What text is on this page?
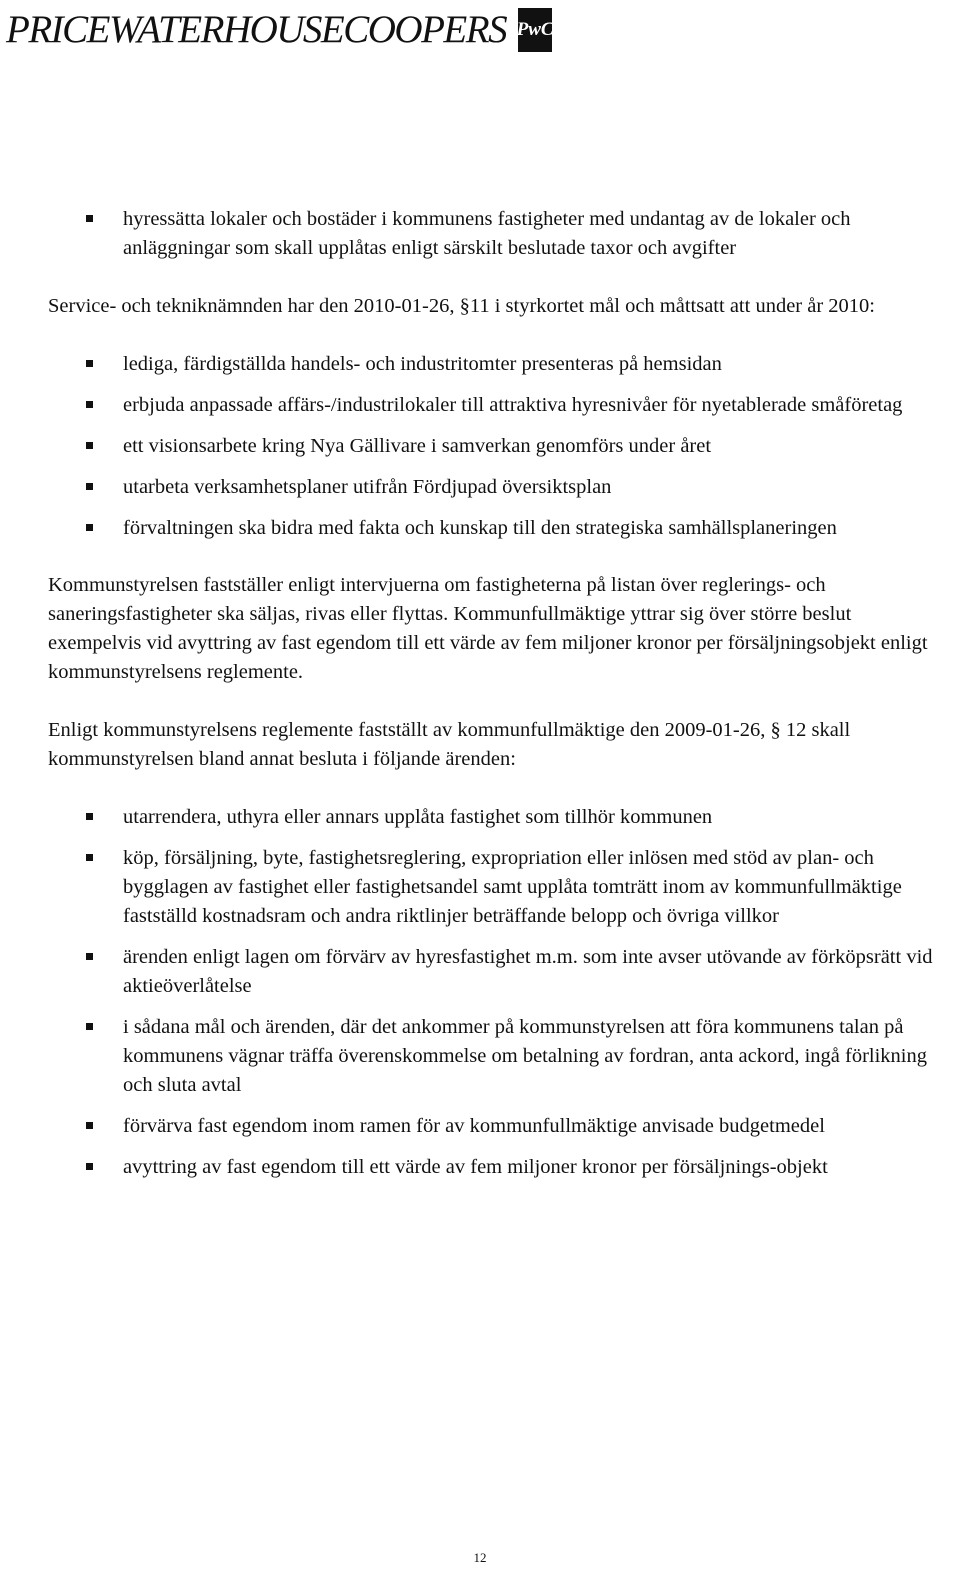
PRICEWATERHOUSECOOPERS PwC
hyressätta lokaler och bostäder i kommunens fastigheter med undantag av de lokaler och anläggningar som skall upplåtas enligt särskilt beslutade taxor och avgifter

Service- och tekniknämnden har den 2010-01-26, §11 i styrkortet mål och måttsatt att under år 2010:

lediga, färdigställda handels- och industritomter presenteras på hemsidan
erbjuda anpassade affärs-/industrilokaler till attraktiva hyresnivåer för nyetablerade småföretag
ett visionsarbete kring Nya Gällivare i samverkan genomförs under året
utarbeta verksamhetsplaner utifrån Fördjupad översiktsplan
förvaltningen ska bidra med fakta och kunskap till den strategiska samhällsplaneringen

Kommunstyrelsen fastställer enligt intervjuerna om fastigheterna på listan över reglerings- och saneringsfastigheter ska säljas, rivas eller flyttas. Kommunfullmäktige yttrar sig över större beslut exempelvis vid avyttring av fast egendom till ett värde av fem miljoner kronor per försäljningsobjekt enligt kommunstyrelsens reglemente.

Enligt kommunstyrelsens reglemente fastställt av kommunfullmäktige den 2009-01-26, § 12 skall kommunstyrelsen bland annat besluta i följande ärenden:

utarrendera, uthyra eller annars upplåta fastighet som tillhör kommunen
köp, försäljning, byte, fastighetsreglering, expropriation eller inlösen med stöd av plan- och bygglagen av fastighet eller fastighetsandel samt upplåta tomträtt inom av kommunfullmäktige fastställd kostnadsram och andra riktlinjer beträffande belopp och övriga villkor
ärenden enligt lagen om förvärv av hyresfastighet m.m. som inte avser utövande av förköpsrätt vid aktieöverlåtelse
i sådana mål och ärenden, där det ankommer på kommunstyrelsen att föra kommunens talan på kommunens vägnar träffa överenskommelse om betalning av fordran, anta ackord, ingå förlikning och sluta avtal
förvärva fast egendom inom ramen för av kommunfullmäktige anvisade budgetmedel
avyttring av fast egendom till ett värde av fem miljoner kronor per försäljnings-objekt
12
